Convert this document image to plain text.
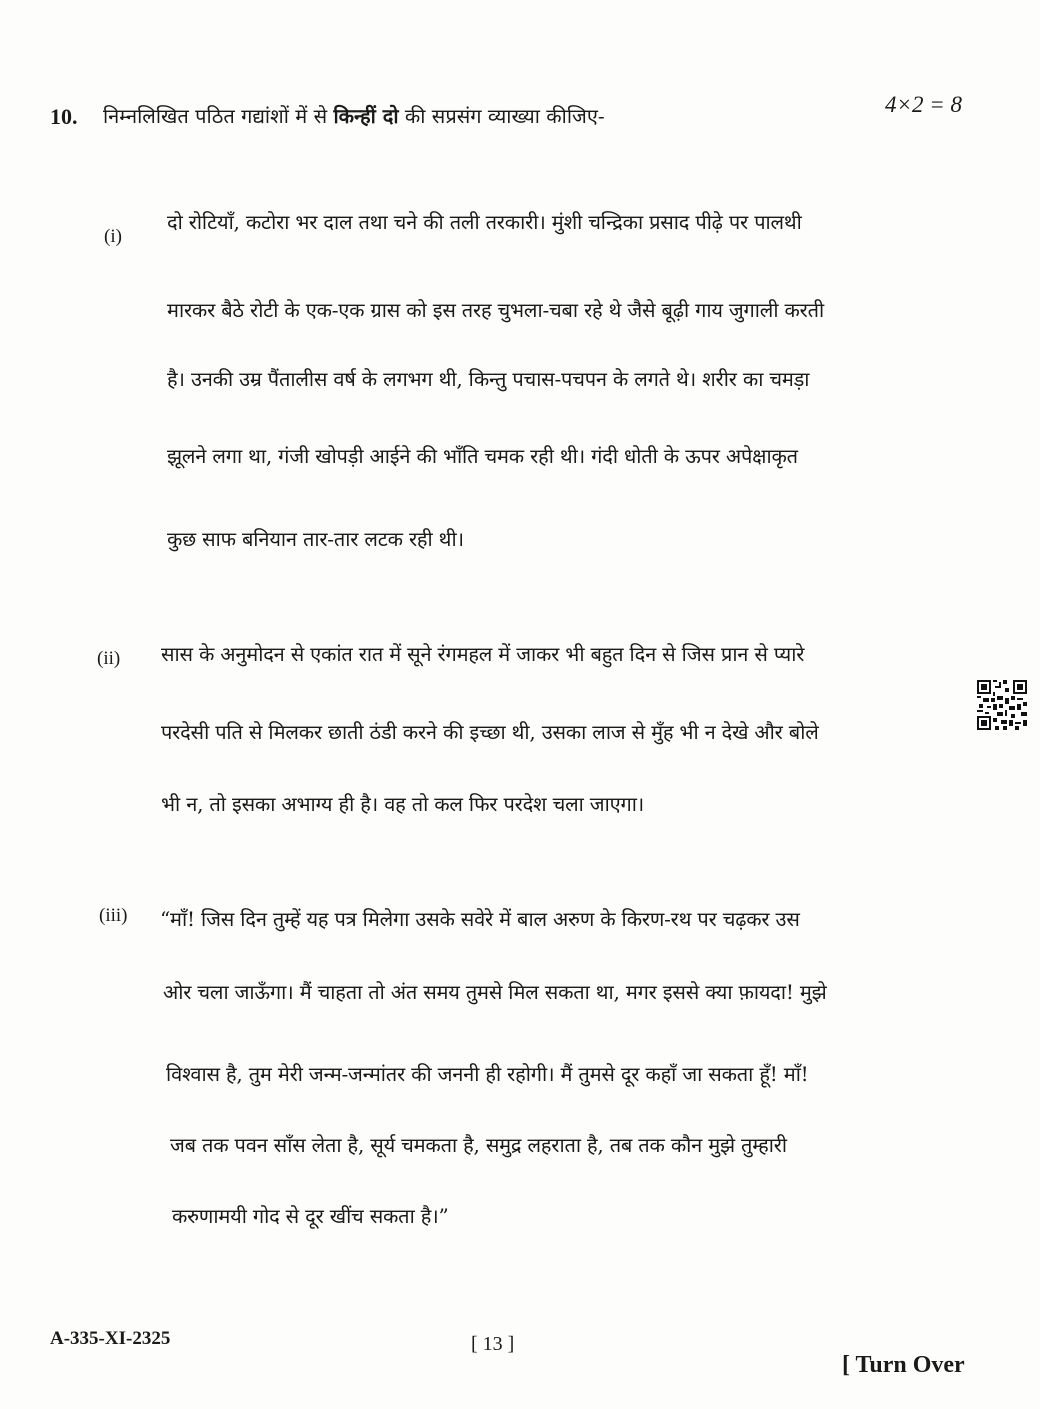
10. निम्नलिखित पठित गद्यांशों में से किन्हीं दो की सप्रसंग व्याख्या कीजिए-	4×2 = 8
(i)
दो रोटियाँ, कटोरा भर दाल तथा चने की तली तरकारी। मुंशी चन्द्रिका प्रसाद पीढ़े पर पालथी
मारकर बैठे रोटी के एक-एक ग्रास को इस तरह चुभला-चबा रहे थे जैसे बूढ़ी गाय जुगाली करती
है। उनकी उम्र पैंतालीस वर्ष के लगभग थी, किन्तु पचास-पचपन के लगते थे। शरीर का चमड़ा
झूलने लगा था, गंजी खोपड़ी आईने की भाँति चमक रही थी। गंदी धोती के ऊपर अपेक्षाकृत
कुछ साफ बनियान तार-तार लटक रही थी।
(ii) सास के अनुमोदन से एकांत रात में सूने रंगमहल में जाकर भी बहुत दिन से जिस प्रान से प्यारे
परदेसी पति से मिलकर छाती ठंडी करने की इच्छा थी, उसका लाज से मुँह भी न देखे और बोले
भी न, तो इसका अभाग्य ही है। वह तो कल फिर परदेश चला जाएगा।
(iii) “माँ! जिस दिन तुम्हें यह पत्र मिलेगा उसके सवेरे में बाल अरुण के किरण-रथ पर चढ़कर उस
ओर चला जाऊँगा। मैं चाहता तो अंत समय तुमसे मिल सकता था, मगर इससे क्या फ़ायदा! मुझे
विश्वास है, तुम मेरी जन्म-जन्मांतर की जननी ही रहोगी। मैं तुमसे दूर कहाँ जा सकता हूँ! माँ!
जब तक पवन साँस लेता है, सूर्य चमकता है, समुद्र लहराता है, तब तक कौन मुझे तुम्हारी
करुणामयी गोद से दूर खींच सकता है।”
A-335-XI-2325	[ 13 ]
[ Turn Over
